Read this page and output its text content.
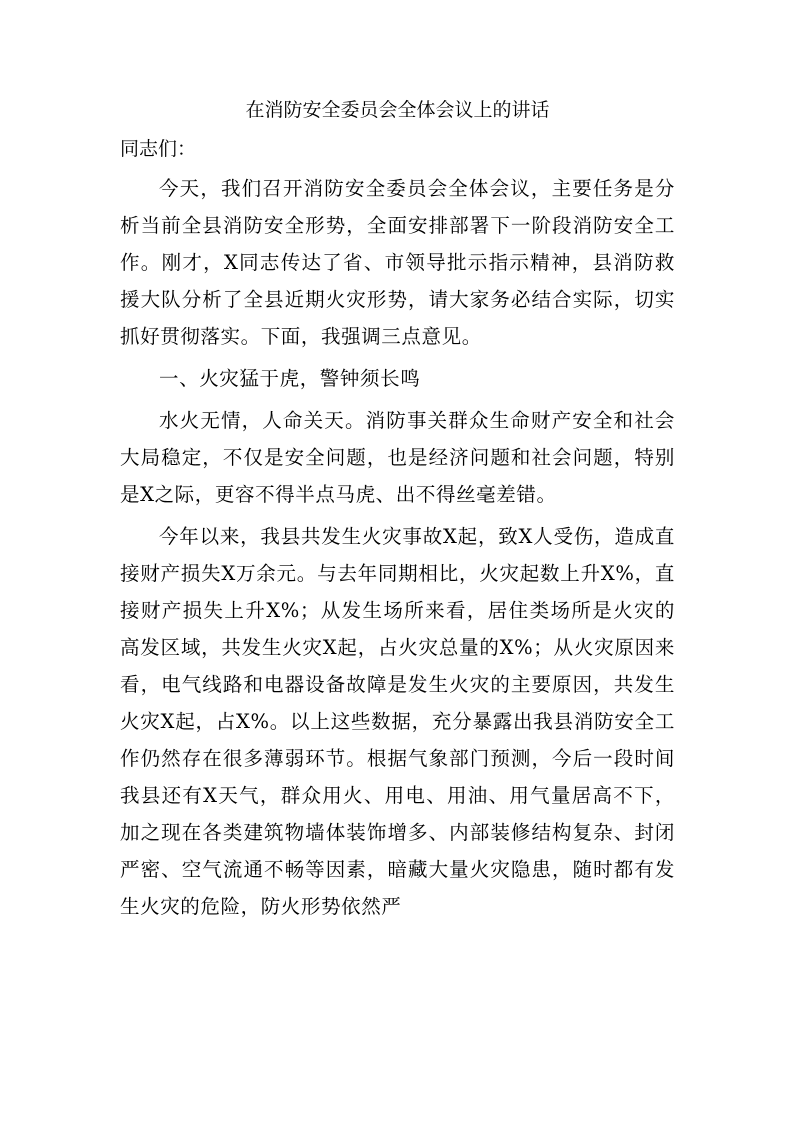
在消防安全委员会全体会议上的讲话

同志们：

今天，我们召开消防安全委员会全体会议，主要任务是分析当前全县消防安全形势，全面安排部署下一阶段消防安全工作。刚才，X同志传达了省、市领导批示指示精神，县消防救援大队分析了全县近期火灾形势，请大家务必结合实际，切实抓好贯彻落实。下面，我强调三点意见。

一、火灾猛于虎，警钟须长鸣

水火无情，人命关天。消防事关群众生命财产安全和社会大局稳定，不仅是安全问题，也是经济问题和社会问题，特别是X之际，更容不得半点马虎、出不得丝毫差错。

今年以来，我县共发生火灾事故X起，致X人受伤，造成直接财产损失X万余元。与去年同期相比，火灾起数上升X%，直接财产损失上升X%；从发生场所来看，居住类场所是火灾的高发区域，共发生火灾X起，占火灾总量的X%；从火灾原因来看，电气线路和电器设备故障是发生火灾的主要原因，共发生火灾X起，占X%。以上这些数据，充分暴露出我县消防安全工作仍然存在很多薄弱环节。根据气象部门预测，今后一段时间我县还有X天气，群众用火、用电、用油、用气量居高不下，加之现在各类建筑物墙体装饰增多、内部装修结构复杂、封闭严密、空气流通不畅等因素，暗藏大量火灾隐患，随时都有发生火灾的危险，防火形势依然严
